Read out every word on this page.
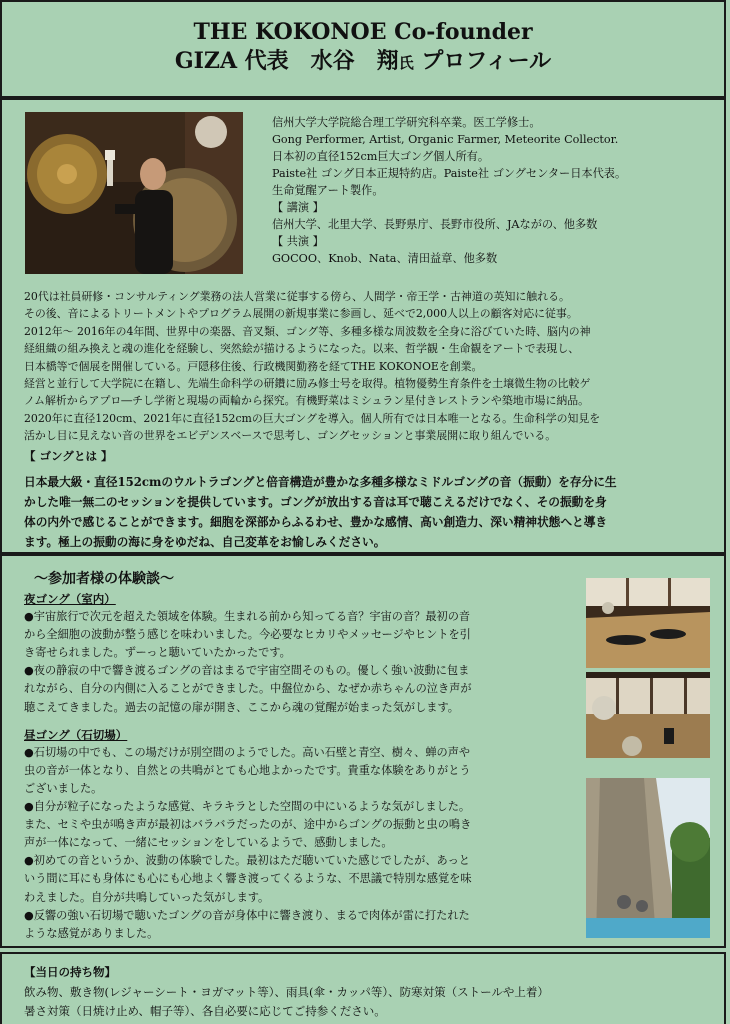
THE KOKONOE Co-founder
GIZA 代表　水谷　翔氏 プロフィール
信州大学大学院総合理工学研究科卒業。医工学修士。
Gong Performer, Artist, Organic Farmer, Meteorite Collector.
日本初の直径152cm巨大ゴング個人所有。
Paiste社 ゴング日本正規特約店。Paiste社 ゴングセンター日本代表。
生命覚醒アート製作。
【 講演 】
信州大学、北里大学、長野県庁、長野市役所、JAながの、他多数
【 共演 】
GOCOO、Knob、Nata、清田益章、他多数

20代は社員研修・コンサルティング業務の法人営業に従事する傍ら、人間学・帝王学・古神道の英知に触れる。

その後、音によるトリートメントやプログラム展開の新規事業に参画し、延べで2,000人以上の顧客対応に従事。

2012年～ 2016年の4年間、世界中の楽器、音叉類、ゴング等、多種多様な周波数を全身に浴びていた時、脳内の神

経組織の組み換えと魂の進化を経験し、突然絵が描けるようになった。以来、哲学観・生命観をアートで表現し、

日本橋等で個展を開催している。戸隠移住後、行政機関勤務を経てTHE KOKONOEを創業。

経営と並行して大学院に在籍し、先端生命科学の研鑽に励み修士号を取得。植物優勢生育条件を土壌微生物の比較ゲ

ノム解析からアプロ―チし学術と現場の両輪から探究。有機野菜はミシュラン星付きレストランや築地市場に納品。

2020年に直径120cm、2021年に直径152cmの巨大ゴングを導入。個人所有では日本唯一となる。生命科学の知見を

活かし目に見えない音の世界をエビデンスベースで思考し、ゴングセッションと事業展開に取り組んでいる。

【 ゴングとは 】
日本最大級・直径152cmのウルトラゴングと倍音構造が豊かな多種多様なミドルゴングの音（振動）を存分に生
かした唯一無二のセッションを提供しています。ゴングが放出する音は耳で聴こえるだけでなく、その振動を身
体の内外で感じることができます。細胞を深部からふるわせ、豊かな感情、高い創造力、深い精神状態へと導き
ます。極上の振動の海に身をゆだね、自己変革をお愉しみください。
～参加者様の体験談～
夜ゴング（室内）

●宇宙旅行で次元を超えた領域を体験。生まれる前から知ってる音？宇宙の音？最初の音

から全細胞の波動が整う感じを味わいました。今必要なヒカリやメッセージやヒントを引

き寄せられました。ずーっと聴いていたかったです。

●夜の静寂の中で響き渡るゴングの音はまるで宇宙空間そのもの。優しく強い波動に包ま

れながら、自分の内側に入ることができました。中盤位から、なぜか赤ちゃんの泣き声が

聴こえてきました。過去の記憶の扉が開き、ここから魂の覚醒が始まった気がします。

昼ゴング（石切場）

●石切場の中でも、この場だけが別空間のようでした。高い石壁と青空、樹々、蝉の声や

虫の音が一体となり、自然との共鳴がとても心地よかったです。貴重な体験をありがとう

ございました。

●自分が粒子になったような感覚、キラキラとした空間の中にいるような気がしました。

また、セミや虫が鳴き声が最初はバラバラだったのが、途中からゴングの振動と虫の鳴き

声が一体になって、一緒にセッションをしているようで、感動しました。

●初めての音というか、波動の体験でした。最初はただ聴いていた感じでしたが、あっと

いう間に耳にも身体にも心にも心地よく響き渡ってくるような、不思議で特別な感覚を味

わえました。自分が共鳴していった気がします。

●反響の強い石切場で聴いたゴングの音が身体中に響き渡り、まるで肉体が雷に打たれた

ような感覚がありました。

【当日の持ち物】
飲み物、敷き物(レジャーシート・ヨガマット等）、雨具(傘・カッパ等）、防寒対策（ストールや上着）
暑さ対策（日焼け止め、帽子等）、各自必要に応じてご持参ください。
